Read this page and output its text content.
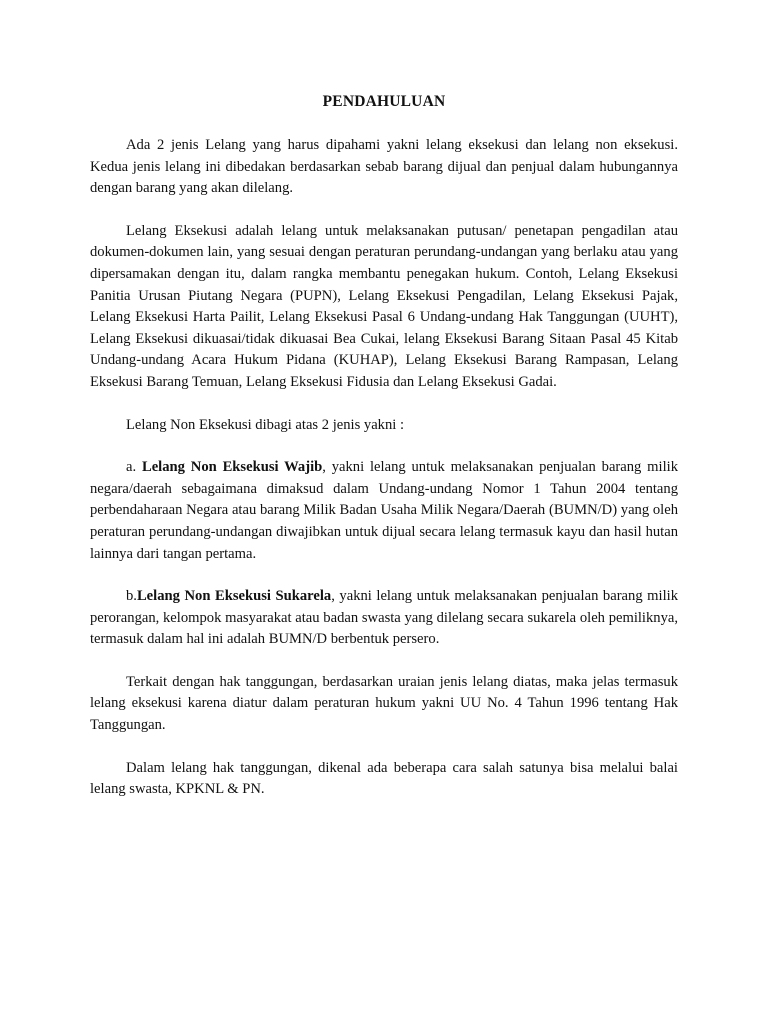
PENDAHULUAN

Ada 2 jenis Lelang yang harus dipahami yakni lelang eksekusi dan lelang non eksekusi. Kedua jenis lelang ini dibedakan berdasarkan sebab barang dijual dan penjual dalam hubungannya dengan barang yang akan dilelang.

Lelang Eksekusi adalah lelang untuk melaksanakan putusan/ penetapan pengadilan atau dokumen-dokumen lain, yang sesuai dengan peraturan perundang-undangan yang berlaku atau yang dipersamakan dengan itu, dalam rangka membantu penegakan hukum. Contoh, Lelang Eksekusi Panitia Urusan Piutang Negara (PUPN), Lelang Eksekusi Pengadilan, Lelang Eksekusi Pajak, Lelang Eksekusi Harta Pailit, Lelang Eksekusi Pasal 6 Undang-undang Hak Tanggungan (UUHT), Lelang Eksekusi dikuasai/tidak dikuasai Bea Cukai, lelang Eksekusi Barang Sitaan Pasal 45 Kitab Undang-undang Acara Hukum Pidana (KUHAP), Lelang Eksekusi Barang Rampasan, Lelang Eksekusi Barang Temuan, Lelang Eksekusi Fidusia dan Lelang Eksekusi Gadai.

Lelang Non Eksekusi dibagi atas 2 jenis yakni :

a. Lelang Non Eksekusi Wajib, yakni lelang untuk melaksanakan penjualan barang milik negara/daerah sebagaimana dimaksud dalam Undang-undang Nomor 1 Tahun 2004 tentang perbendaharaan Negara atau barang Milik Badan Usaha Milik Negara/Daerah (BUMN/D) yang oleh peraturan perundang-undangan diwajibkan untuk dijual secara lelang termasuk kayu dan hasil hutan lainnya dari tangan pertama.

b.Lelang Non Eksekusi Sukarela, yakni lelang untuk melaksanakan penjualan barang milik perorangan, kelompok masyarakat atau badan swasta yang dilelang secara sukarela oleh pemiliknya, termasuk dalam hal ini adalah BUMN/D berbentuk persero.

Terkait dengan hak tanggungan, berdasarkan uraian jenis lelang diatas, maka jelas termasuk lelang eksekusi karena diatur dalam peraturan hukum yakni UU No. 4 Tahun 1996 tentang Hak Tanggungan.

Dalam lelang hak tanggungan, dikenal ada beberapa cara salah satunya bisa melalui balai lelang swasta, KPKNL & PN.
